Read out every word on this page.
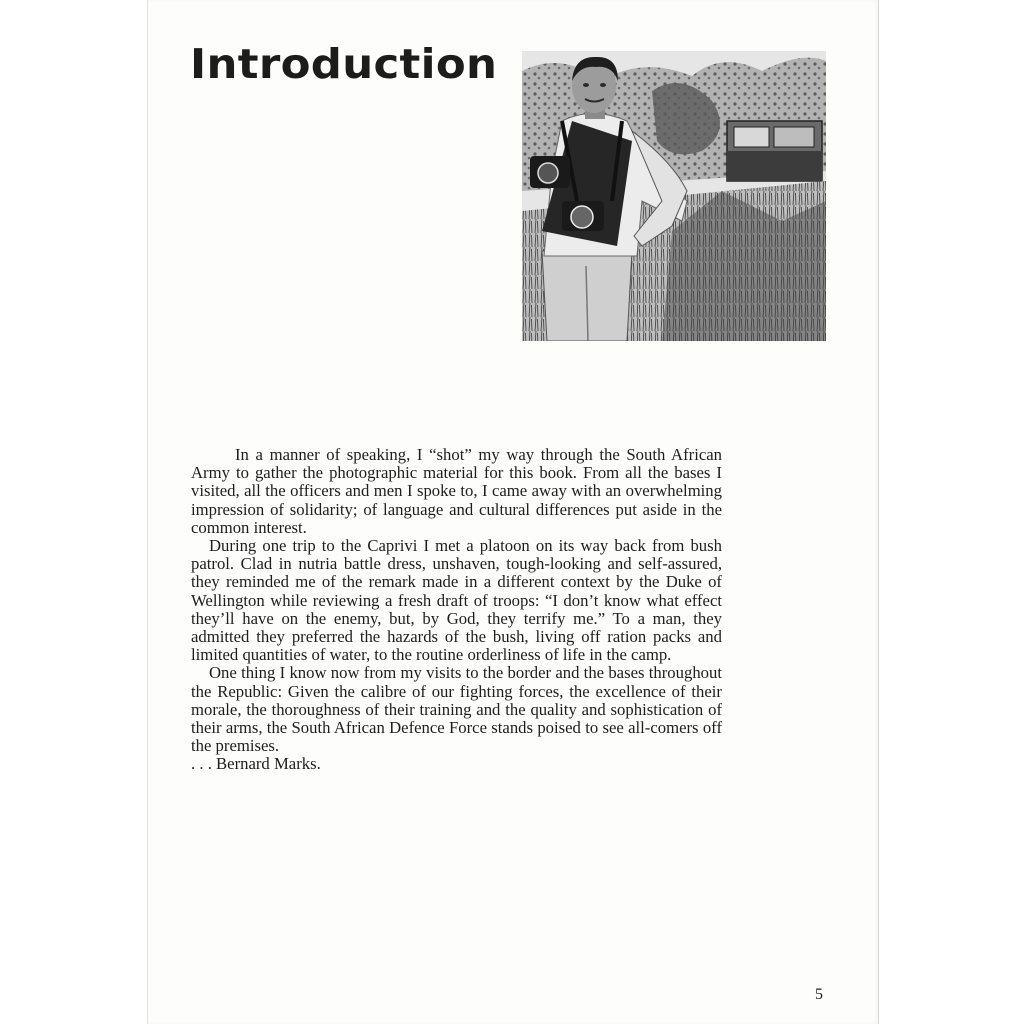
Introduction

In a manner of speaking, I “shot” my way through the South African Army to gather the photographic material for this book. From all the bases I visited, all the officers and men I spoke to, I came away with an overwhelming impression of solidarity; of language and cultural differences put aside in the common interest.

During one trip to the Caprivi I met a platoon on its way back from bush patrol. Clad in nutria battle dress, unshaven, tough-looking and self-assured, they reminded me of the remark made in a different context by the Duke of Wellington while reviewing a fresh draft of troops: “I don’t know what effect they’ll have on the enemy, but, by God, they terrify me.” To a man, they admitted they preferred the hazards of the bush, living off ration packs and limited quantities of water, to the routine orderliness of life in the camp.

One thing I know now from my visits to the border and the bases throughout the Republic: Given the calibre of our fighting forces, the excellence of their morale, the thoroughness of their training and the quality and sophistication of their arms, the South African Defence Force stands poised to see all-comers off the premises.

. . . Bernard Marks.

5
